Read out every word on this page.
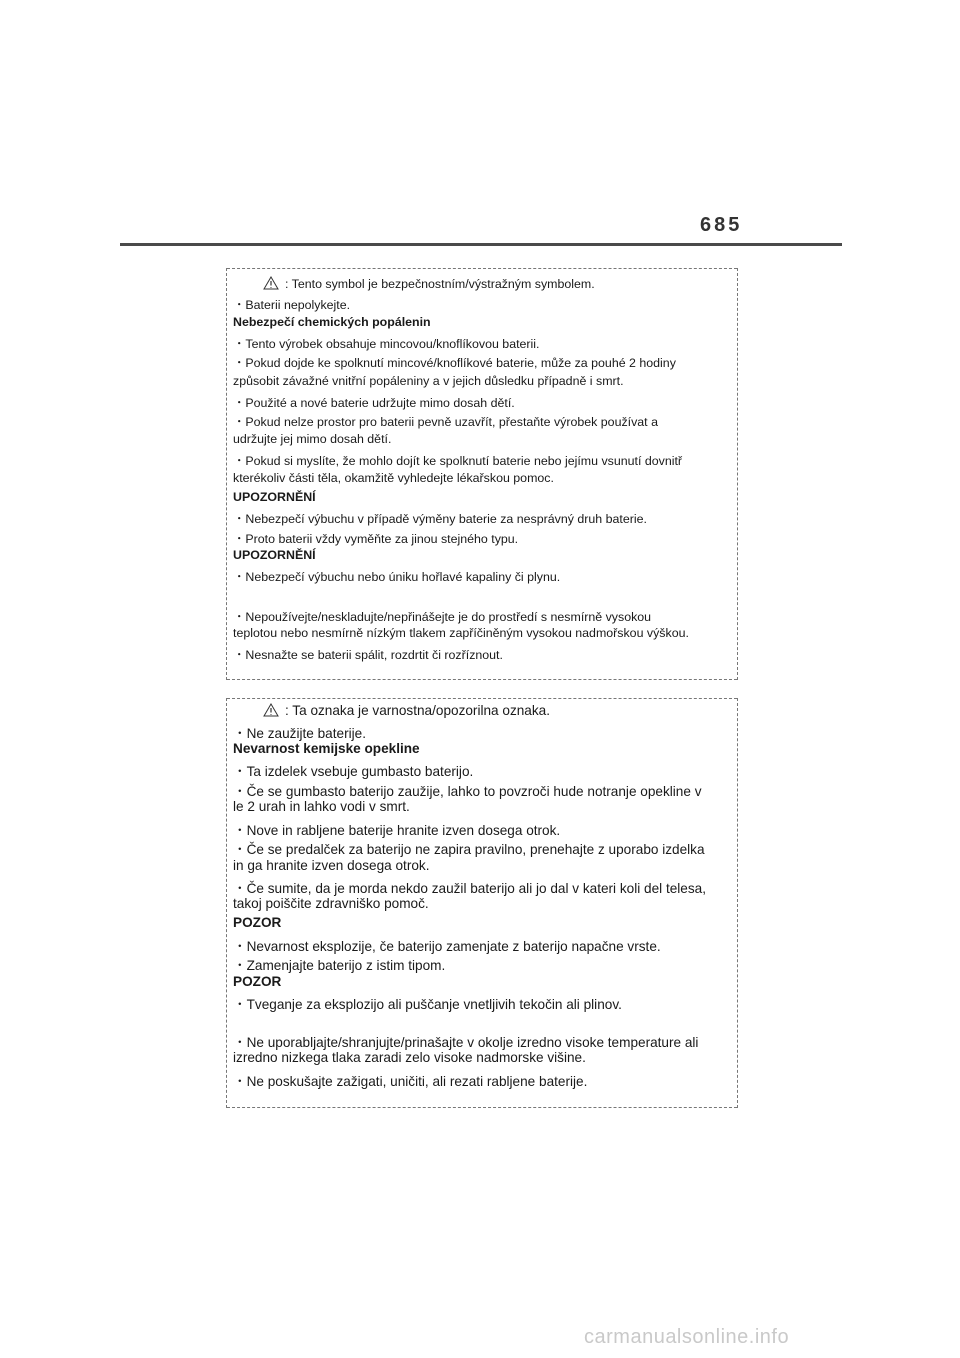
685
: Tento symbol je bezpečnostním/výstražným symbolem.
・Baterii nepolykejte.
Nebezpečí chemických popálenin
・Tento výrobek obsahuje mincovou/knoflíkovou baterii.
・Pokud dojde ke spolknutí mincové/knoflíkové baterie, může za pouhé 2 hodiny
způsobit závažné vnitřní popáleniny a v jejich důsledku případně i smrt.
・Použité a nové baterie udržujte mimo dosah dětí.
・Pokud nelze prostor pro baterii pevně uzavřít, přestaňte výrobek používat a
udržujte jej mimo dosah dětí.
・Pokud si myslíte, že mohlo dojít ke spolknutí baterie nebo jejímu vsunutí dovnitř
kterékoliv části těla, okamžitě vyhledejte lékařskou pomoc.
UPOZORNĚNÍ
・Nebezpečí výbuchu v případě výměny baterie za nesprávný druh baterie.
・Proto baterii vždy vyměňte za jinou stejného typu.
UPOZORNĚNÍ
・Nebezpečí výbuchu nebo úniku hořlavé kapaliny či plynu.
・Nepoužívejte/neskladujte/nepřinášejte je do prostředí s nesmírně vysokou
teplotou nebo nesmírně nízkým tlakem zapříčiněným vysokou nadmořskou výškou.
・Nesnažte se baterii spálit, rozdrtit či rozříznout.
: Ta oznaka je varnostna/opozorilna oznaka.
・Ne zaužijte baterije.
Nevarnost kemijske opekline
・Ta izdelek vsebuje gumbasto baterijo.
・Če se gumbasto baterijo zaužije, lahko to povzroči hude notranje opekline v
le 2 urah in lahko vodi v smrt.
・Nove in rabljene baterije hranite izven dosega otrok.
・Če se predalček za baterijo ne zapira pravilno, prenehajte z uporabo izdelka
in ga hranite izven dosega otrok.
・Če sumite, da je morda nekdo zaužil baterijo ali jo dal v kateri koli del telesa,
takoj poiščite zdravniško pomoč.
POZOR
・Nevarnost eksplozije, če baterijo zamenjate z baterijo napačne vrste.
・Zamenjajte baterijo z istim tipom.
POZOR
・Tveganje za eksplozijo ali puščanje vnetljivih tekočin ali plinov.
・Ne uporabljajte/shranjujte/prinašajte v okolje izredno visoke temperature ali
izredno nizkega tlaka zaradi zelo visoke nadmorske višine.
・Ne poskušajte zažigati, uničiti, ali rezati rabljene baterije.
carmanualsonline.info
